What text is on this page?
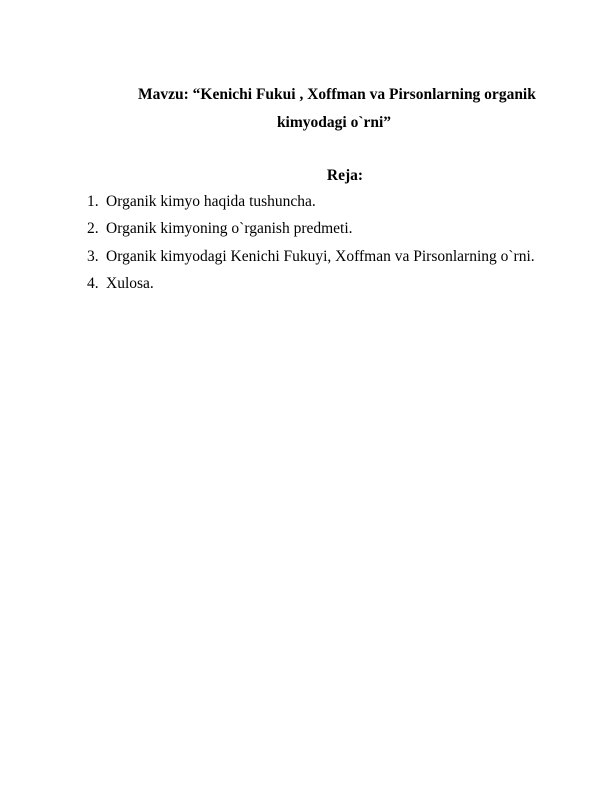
Mavzu: “Kenichi Fukui , Xoffman va Pirsonlarning organik
kimyodagi o`rni”
Reja:
1. Organik kimyo haqida tushuncha.
2. Organik kimyoning o`rganish predmeti.
3. Organik kimyodagi Kenichi Fukuyi, Xoffman va Pirsonlarning o`rni.
4. Xulosa.
